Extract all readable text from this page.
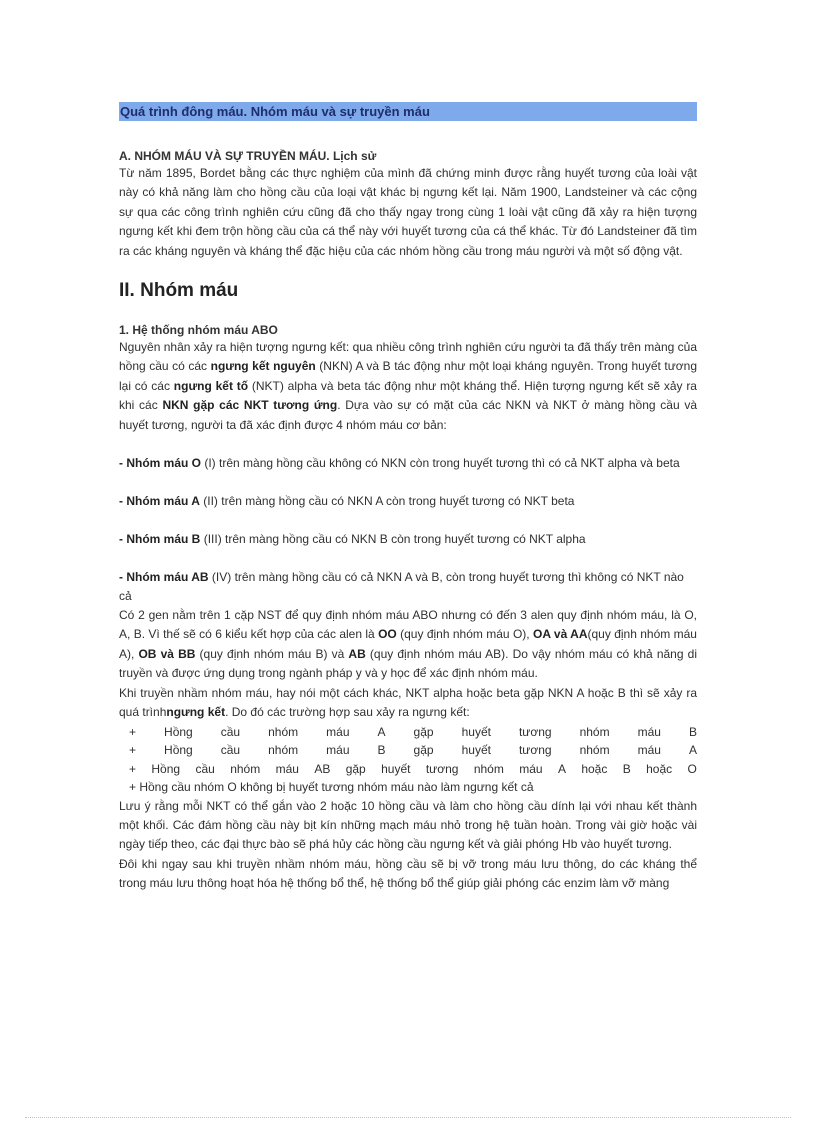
Quá trình đông máu. Nhóm máu và sự truyền máu
A. NHÓM MÁU VÀ SỰ TRUYỀN MÁU. Lịch sử

Từ năm 1895, Bordet bằng các thực nghiệm của mình đã chứng minh được rằng huyết tương của loài vật này có khả năng làm cho hồng cầu của loại vật khác bị ngưng kết lại. Năm 1900, Landsteiner và các cộng sự qua các công trình nghiên cứu cũng đã cho thấy ngay trong cùng 1 loài vật cũng đã xảy ra hiện tượng ngưng kết khi đem trộn hồng cầu của cá thể này với huyết tương của cá thể khác. Từ đó Landsteiner đã tìm ra các kháng nguyên và kháng thể đặc hiệu của các nhóm hồng cầu trong máu người và một số động vật.

II. Nhóm máu
1. Hệ thống nhóm máu ABO

Nguyên nhân xảy ra hiện tượng ngưng kết: qua nhiều công trình nghiên cứu người ta đã thấy trên màng của hồng cầu có các ngưng kết nguyên (NKN) A và B tác động như một loại kháng nguyên. Trong huyết tương lại có các ngưng kết tố (NKT) alpha và beta tác động như một kháng thể. Hiện tượng ngưng kết sẽ xảy ra khi các NKN gặp các NKT tương ứng. Dựa vào sự có mặt của các NKN và NKT ở màng hồng cầu và huyết tương, người ta đã xác định được 4 nhóm máu cơ bản:

- Nhóm máu O (I) trên màng hồng cầu không có NKN còn trong huyết tương thì có cả NKT alpha và beta
- Nhóm máu A (II) trên màng hồng cầu có NKN A còn trong huyết tương có NKT beta
- Nhóm máu B (III) trên màng hồng cầu có NKN B còn trong huyết tương có NKT alpha
- Nhóm máu AB (IV) trên màng hồng cầu có cả NKN A và B, còn trong huyết tương thì không có NKT nào cả

Có 2 gen nằm trên 1 cặp NST để quy định nhóm máu ABO nhưng có đến 3 alen quy định nhóm máu, là O, A, B. Vì thế sẽ có 6 kiểu kết hợp của các alen là OO (quy định nhóm máu O), OA và AA(quy định nhóm máu A), OB và BB (quy định nhóm máu B) và AB (quy định nhóm máu AB). Do vậy nhóm máu có khả năng di truyền và được ứng dụng trong ngành pháp y và y học để xác định nhóm máu.

Khi truyền nhầm nhóm máu, hay nói một cách khác, NKT alpha hoặc beta gặp NKN A hoặc B thì sẽ xảy ra quá trìnhngưng kết. Do đó các trường hợp sau xảy ra ngưng kết:

+ Hồng cầu nhóm máu A gặp huyết tương nhóm máu B
+ Hồng cầu nhóm máu B gặp huyết tương nhóm máu A
+ Hồng cầu nhóm máu AB gặp huyết tương nhóm máu A hoặc B hoặc O
+ Hồng cầu nhóm O không bị huyết tương nhóm máu nào làm ngưng kết cả

Lưu ý rằng mỗi NKT có thể gắn vào 2 hoặc 10 hồng cầu và làm cho hồng cầu dính lại với nhau kết thành một khối. Các đám hồng cầu này bịt kín những mạch máu nhỏ trong hệ tuần hoàn. Trong vài giờ hoặc vài ngày tiếp theo, các đại thực bào sẽ phá hủy các hồng cầu ngưng kết và giải phóng Hb vào huyết tương.

Đôi khi ngay sau khi truyền nhầm nhóm máu, hồng cầu sẽ bị vỡ trong máu lưu thông, do các kháng thể trong máu lưu thông hoạt hóa hệ thống bổ thể, hệ thống bổ thể giúp giải phóng các enzim làm vỡ màng
